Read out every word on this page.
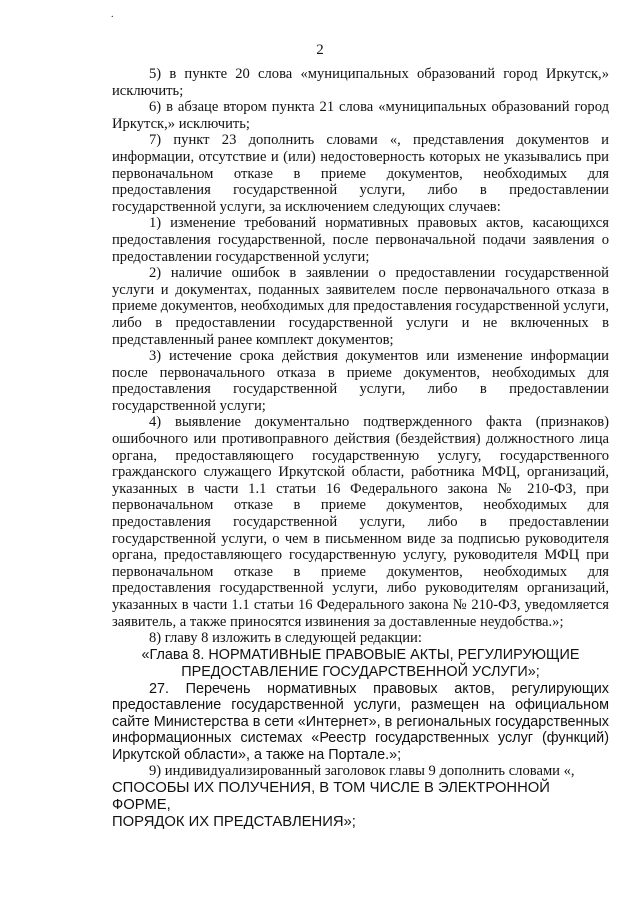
.
2

5) в пункте 20 слова «муниципальных образований город Иркутск,» исключить;

6) в абзаце втором пункта 21 слова «муниципальных образований город Иркутск,» исключить;

7) пункт 23 дополнить словами «, представления документов и информации, отсутствие и (или) недостоверность которых не указывались при первоначальном отказе в приеме документов, необходимых для предоставления государственной услуги, либо в предоставлении государственной услуги, за исключением следующих случаев:

1) изменение требований нормативных правовых актов, касающихся предоставления государственной, после первоначальной подачи заявления о предоставлении государственной услуги;

2) наличие ошибок в заявлении о предоставлении государственной услуги и документах, поданных заявителем после первоначального отказа в приеме документов, необходимых для предоставления государственной услуги, либо в предоставлении государственной услуги и не включенных в представленный ранее комплект документов;

3) истечение срока действия документов или изменение информации после первоначального отказа в приеме документов, необходимых для предоставления государственной услуги, либо в предоставлении государственной услуги;

4) выявление документально подтвержденного факта (признаков) ошибочного или противоправного действия (бездействия) должностного лица органа, предоставляющего государственную услугу, государственного гражданского служащего Иркутской области, работника МФЦ, организаций, указанных в части 1.1 статьи 16 Федерального закона № 210-ФЗ, при первоначальном отказе в приеме документов, необходимых для предоставления государственной услуги, либо в предоставлении государственной услуги, о чем в письменном виде за подписью руководителя органа, предоставляющего государственную услугу, руководителя МФЦ при первоначальном отказе в приеме документов, необходимых для предоставления государственной услуги, либо руководителям организаций, указанных в части 1.1 статьи 16 Федерального закона № 210-ФЗ, уведомляется заявитель, а также приносятся извинения за доставленные неудобства.»;

8) главу 8 изложить в следующей редакции:

«Глава 8. НОРМАТИВНЫЕ ПРАВОВЫЕ АКТЫ, РЕГУЛИРУЮЩИЕ

ПРЕДОСТАВЛЕНИЕ ГОСУДАРСТВЕННОЙ УСЛУГИ»;

27. Перечень нормативных правовых актов, регулирующих предоставление государственной услуги, размещен на официальном сайте Министерства в сети «Интернет», в региональных государственных информационных системах «Реестр государственных услуг (функций) Иркутской области», а также на Портале.»;

9) индивидуализированный заголовок главы 9 дополнить словами «,

СПОСОБЫ ИХ ПОЛУЧЕНИЯ, В ТОМ ЧИСЛЕ В ЭЛЕКТРОННОЙ ФОРМЕ,

ПОРЯДОК ИХ ПРЕДСТАВЛЕНИЯ»;
